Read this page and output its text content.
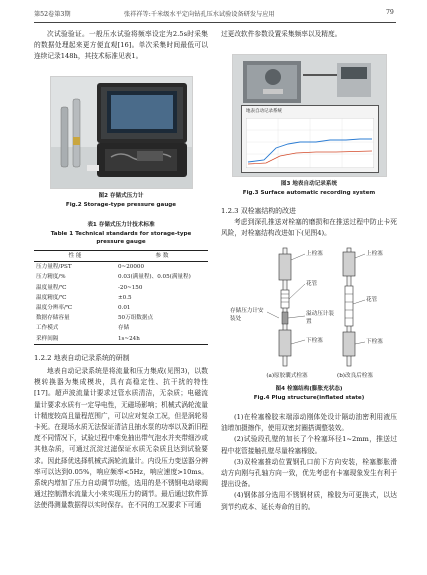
第52卷第3期	张祥祥等:千米级水平定向钻孔压水试验设备研发与应用	79

次试验验证。一般压水试验将频率设定为2.5s时采集的数据处理起来更方便直观[16]。单次采集时间最低可以连续记录148h，其技术标准见表1。

图2 存储式压力计
Fig.2 Storage-type pressure gauge
表1 存储式压力计技术标准
Table 1 Technical standards for storage-type
pressure gauge
性 能	参 数
压力量程/PST	0~20000
压力精度/%	0.03(满量程)、0.05(满量程)
温度量程/℃	-20~150
温度精度/℃	±0.5
温度分辨率/℃	0.01
数据存储容量	50万组数据点
工作模式	存储
采样间隔	1s~24h
1.2.2 地表自动记录系统的研制

地表自动记录系统是将流量和压力集成(见图3)，以数模转换器为集成模块，具有高稳定性、抗干扰的特性[17]。超声波流量计要求过管水质清洁，无杂质；电磁流量计要求水质有一定导电性，无磁场影响；机械式涡轮流量计精度较高且量程范围广，可以应对复杂工况，但是涡轮易卡死。在现场水质无法保证清洁且抽水泵的功率以及新旧程度不同情况下，试验过程中难免抽出带气泡水并夹带细沙或其他杂质，可通过沉淀过滤保证水质无杂质且达到试验要求。因此择优选择机械式涡轮流量计。内设压力变送器分辨率可以达到0.05%，响应频率<5Hz，响应速度>10ms。系统内增加了压力自动调节功能，选用的是不锈钢电动球阀通过控制潜水流量大小来实现压力的调节。最后通过软件算法使得测量数据得以实时保存。在不同的工况要求下可通

过更改软件参数设置采集频率以及精度。

地表自动记录系统
图3 地表自动记录系统
Fig.3 Surface automatic recording system
1.2.3 双栓塞结构的改进

考虑到深孔推送对栓塞的磨损和在推送过程中防止卡死风险，对栓塞结构改进如下(见图4)。

上栓塞
花管
存储压力计安装处
溢动压计装置
下栓塞
上栓塞
花管
下栓塞
(a)原胶囊式栓塞	(b)改良后栓塞
图4 栓塞结构(膨胀充状态)
Fig.4 Plug structure(inflated state)

(1)在栓塞橡胶末端添动刚体处设计隔动油密利用液压油增加摄擦作，使用双密封圈搭调整装效。

(2)试验段孔壁的加长了个栓塞环径1~2mm，推送过程中花管接触孔壁尽量栓塞橡胶。

(3)双栓塞推动位置钢孔口前下方向安装，栓塞膨胀滑动方向刚与孔轴方向一致，优先考虑有卡塞现象发生有利于提出设备。

(4)钢体部分选用不锈钢材质，橡胶为可更换式，以达到节约成本、延长寿命的目的。
